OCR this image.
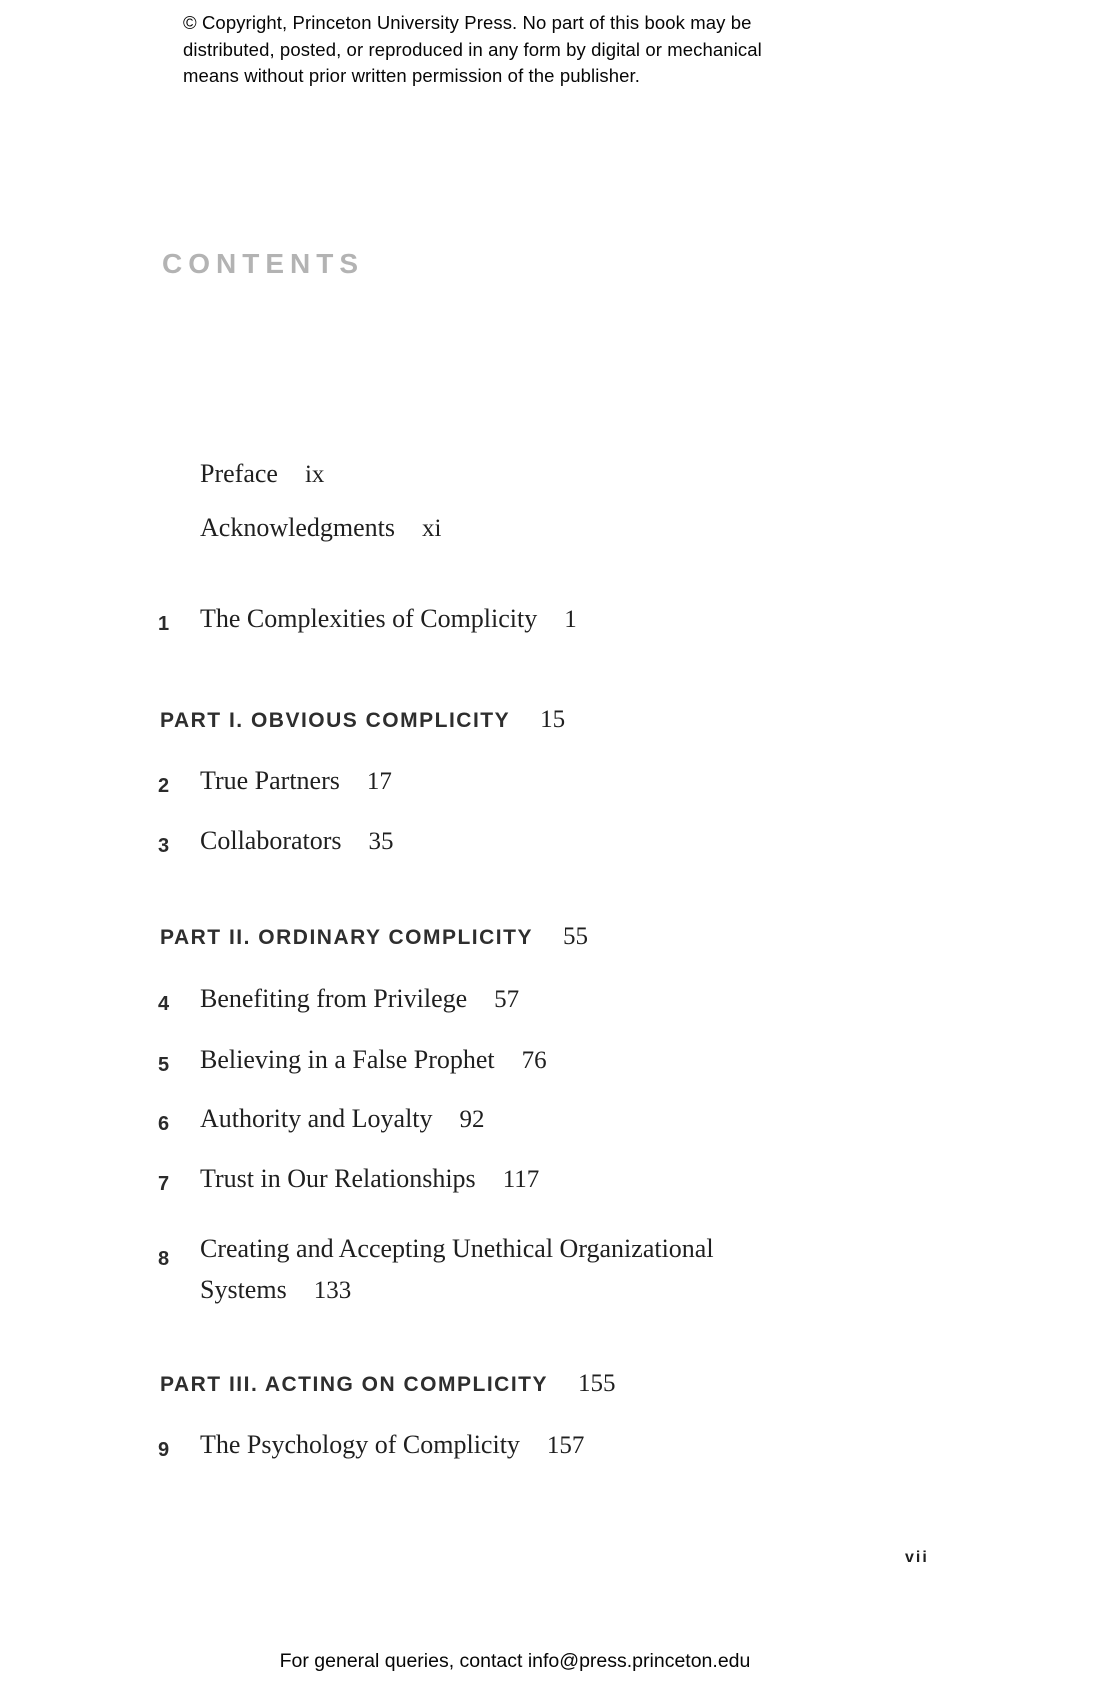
© Copyright, Princeton University Press. No part of this book may be
distributed, posted, or reproduced in any form by digital or mechanical
means without prior written permission of the publisher.
CONTENTS
Preface ix
Acknowledgments xi
1 The Complexities of Complicity 1
PART I. OBVIOUS COMPLICITY 15
2 True Partners 17
3 Collaborators 35
PART II. ORDINARY COMPLICITY 55
4 Benefiting from Privilege 57
5 Believing in a False Prophet 76
6 Authority and Loyalty 92
7 Trust in Our Relationships 117
8 Creating and Accepting Unethical Organizational Systems 133
PART III. ACTING ON COMPLICITY 155
9 The Psychology of Complicity 157
vii
For general queries, contact info@press.princeton.edu
